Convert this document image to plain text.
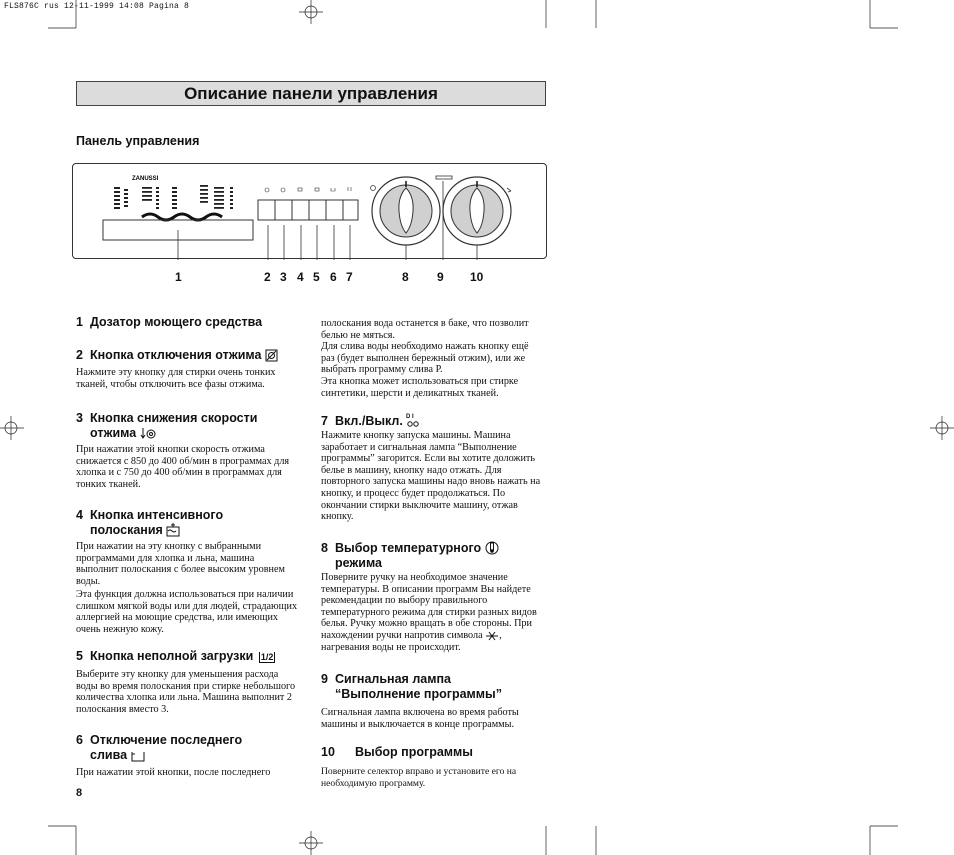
FLS876C rus 12-11-1999 14:08 Pagina 8
Описание панели управления
Панель управления
ZANUSSI
1	2 3 4 5 6 7	8 9 10
1 Дозатор моющего средства
2 Кнопка отключения отжима

Нажмите эту кнопку для стирки очень тонких тканей, чтобы отключить все фазы отжима.

3 Кнопка снижения скорости
отжима

При нажатии этой кнопки скорость отжима снижается с 850 до 400 об/мин в программах для хлопка и с 750 до 400 об/мин в программах для тонких тканей.

4 Кнопка интенсивного
полоскания

При нажатии на эту кнопку с выбранными программами для хлопка и льна, машина выполнит полоскания с более высоким уровнем воды.

Эта функция должна использоваться при наличии слишком мягкой воды или для людей, страдающих аллергией на моющие средства, или имеющих очень нежную кожу.

5 Кнопка неполной загрузки 1/2

Выберите эту кнопку для уменьшения расхода воды во время полоскания при стирке небольшого количества хлопка или льна. Машина выполнит 2 полоскания вместо 3.

6 Отключение последнего
слива

При нажатии этой кнопки, после последнего

8

полоскания вода останется в баке, что позволит белью не мяться.

Для слива воды необходимо нажать кнопку ещё раз (будет выполнен бережный отжим), или же выбрать программу слива Р.

Эта кнопка может использоваться при стирке синтетики, шерсти и деликатных тканей.

7 Вкл./Выкл. D I

Нажмите кнопку запуска машины. Машина заработает и сигнальная лампа “Выполнение программы” загорится. Если вы хотите доложить белье в машину, кнопку надо отжать. Для повторного запуска машины надо вновь нажать на кнопку, и процесс будет продолжаться. По окончании стирки выключите машину, отжав кнопку.

8 Выбор температурного
режима

Поверните ручку на необходимое значение температуры. В описании программ Вы найдете рекомендации по выбору правильного температурного режима для стирки разных видов белья. Ручку можно вращать в обе стороны. При нахождении ручки напротив символа , нагревания воды не происходит.

9 Сигнальная лампа
“Выполнение программы”

Сигнальная лампа включена во время работы машины и выключается в конце программы.

10 Выбор программы

Поверните селектор вправо и установите его на необходимую программу.
